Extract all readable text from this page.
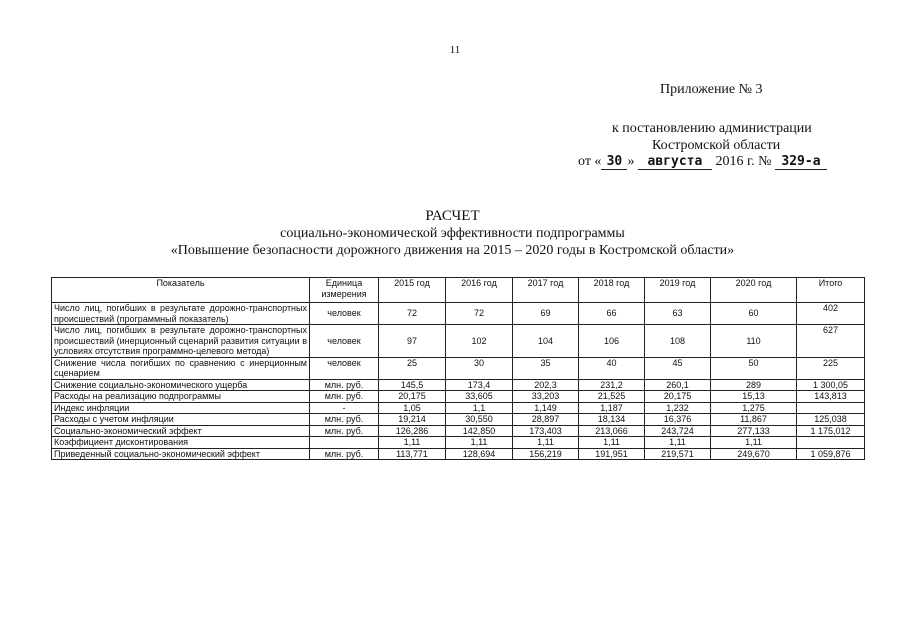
11
Приложение № 3
к постановлению администрации
Костромской области
от « 30 » августа 2016 г. № 329-а
РАСЧЕТ
социально-экономической эффективности подпрограммы
«Повышение безопасности дорожного движения на 2015 – 2020 годы в Костромской области»
Показатель	Единица измерения	2015 год	2016 год	2017 год	2018 год	2019 год	2020 год	Итого
Число лиц, погибших в результате дорожно-транспортных происшествий (программный показатель)	человек	72	72	69	66	63	60	402
Число лиц, погибших в результате дорожно-транспортных происшествий (инерционный сценарий развития ситуации в условиях отсутствия программно-целевого метода)	человек	97	102	104	106	108	110	627
Снижение числа погибших по сравнению с инерционным сценарием	человек	25	30	35	40	45	50	225
Снижение социально-экономического ущерба	млн. руб.	145,5	173,4	202,3	231,2	260,1	289	1 300,05
Расходы на реализацию подпрограммы	млн. руб.	20,175	33,605	33,203	21,525	20,175	15,13	143,813
Индекс инфляции	-	1,05	1,1	1,149	1,187	1,232	1,275	
Расходы с учетом инфляции	млн. руб.	19,214	30,550	28,897	18,134	16,376	11,867	125,038
Социально-экономический эффект	млн. руб.	126,286	142,850	173,403	213,066	243,724	277,133	1 175,012
Коэффициент дисконтирования		1,11	1,11	1,11	1,11	1,11	1,11	
Приведенный социально-экономический эффект	млн. руб.	113,771	128,694	156,219	191,951	219,571	249,670	1 059,876
